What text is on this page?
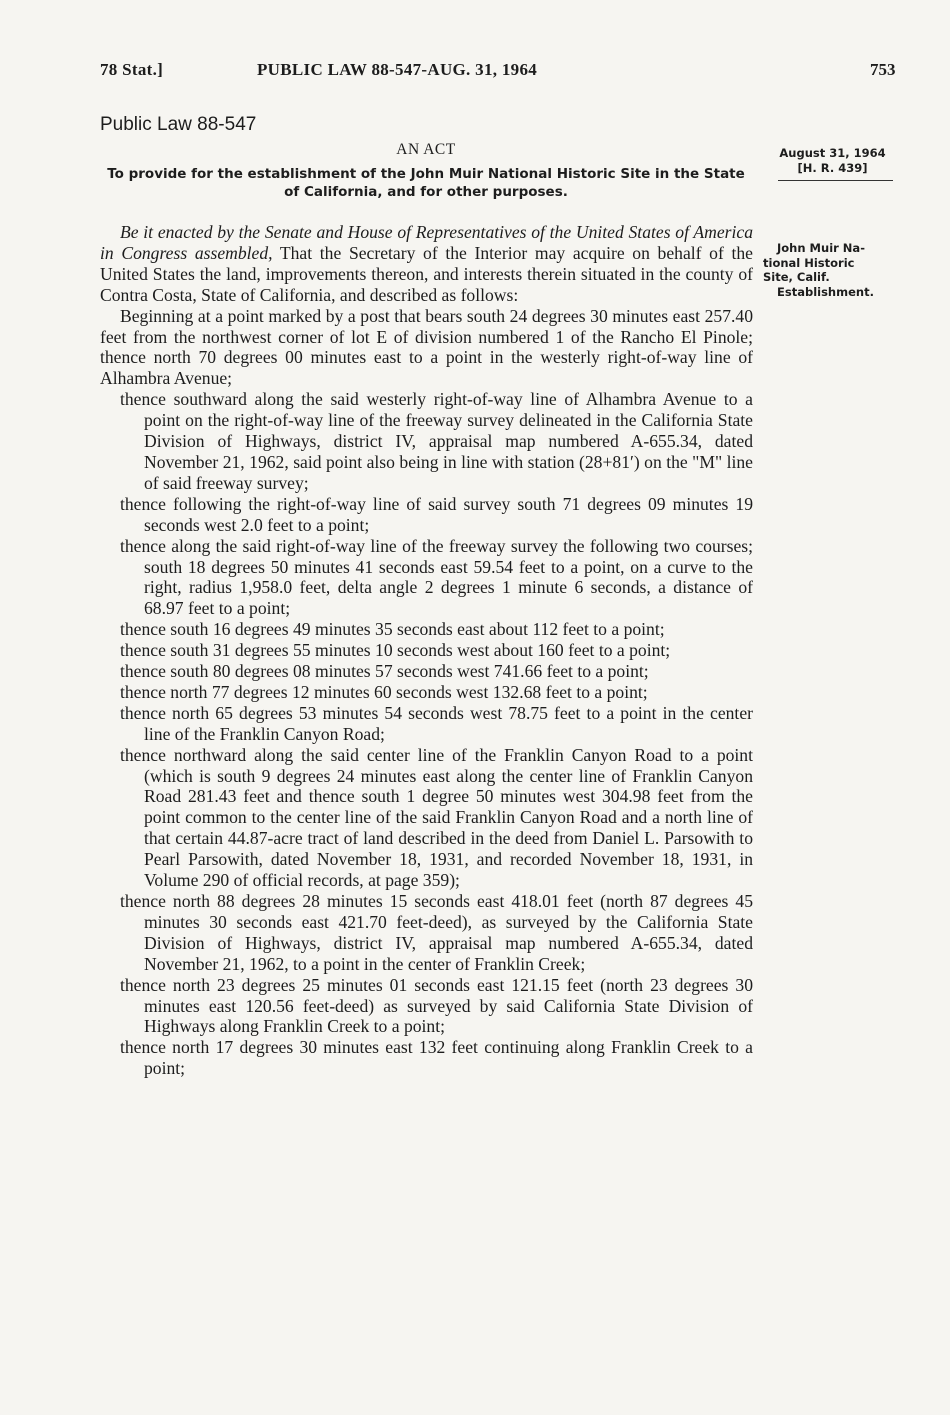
78 Stat.]	PUBLIC LAW 88-547-AUG. 31, 1964	753
Public Law 88-547
AN ACT
To provide for the establishment of the John Muir National Historic Site in the State of California, and for other purposes.
August 31, 1964
[H. R. 439]
John Muir Na-
tional Historic
Site, Calif.
Establishment.

Be it enacted by the Senate and House of Representatives of the United States of America in Congress assembled, That the Secretary of the Interior may acquire on behalf of the United States the land, improvements thereon, and interests therein situated in the county of Contra Costa, State of California, and described as follows:

Beginning at a point marked by a post that bears south 24 degrees 30 minutes east 257.40 feet from the northwest corner of lot E of division numbered 1 of the Rancho El Pinole; thence north 70 degrees 00 minutes east to a point in the westerly right-of-way line of Alhambra Avenue;

thence southward along the said westerly right-of-way line of Alhambra Avenue to a point on the right-of-way line of the freeway survey delineated in the California State Division of Highways, district IV, appraisal map numbered A-655.34, dated November 21, 1962, said point also being in line with station (28+81′) on the "M" line of said freeway survey;

thence following the right-of-way line of said survey south 71 degrees 09 minutes 19 seconds west 2.0 feet to a point;

thence along the said right-of-way line of the freeway survey the following two courses; south 18 degrees 50 minutes 41 seconds east 59.54 feet to a point, on a curve to the right, radius 1,958.0 feet, delta angle 2 degrees 1 minute 6 seconds, a distance of 68.97 feet to a point;

thence south 16 degrees 49 minutes 35 seconds east about 112 feet to a point;

thence south 31 degrees 55 minutes 10 seconds west about 160 feet to a point;

thence south 80 degrees 08 minutes 57 seconds west 741.66 feet to a point;

thence north 77 degrees 12 minutes 60 seconds west 132.68 feet to a point;

thence north 65 degrees 53 minutes 54 seconds west 78.75 feet to a point in the center line of the Franklin Canyon Road;

thence northward along the said center line of the Franklin Canyon Road to a point (which is south 9 degrees 24 minutes east along the center line of Franklin Canyon Road 281.43 feet and thence south 1 degree 50 minutes west 304.98 feet from the point common to the center line of the said Franklin Canyon Road and a north line of that certain 44.87-acre tract of land described in the deed from Daniel L. Parsowith to Pearl Parsowith, dated November 18, 1931, and recorded November 18, 1931, in Volume 290 of official records, at page 359);

thence north 88 degrees 28 minutes 15 seconds east 418.01 feet (north 87 degrees 45 minutes 30 seconds east 421.70 feet-deed), as surveyed by the California State Division of Highways, district IV, appraisal map numbered A-655.34, dated November 21, 1962, to a point in the center of Franklin Creek;

thence north 23 degrees 25 minutes 01 seconds east 121.15 feet (north 23 degrees 30 minutes east 120.56 feet-deed) as surveyed by said California State Division of Highways along Franklin Creek to a point;

thence north 17 degrees 30 minutes east 132 feet continuing along Franklin Creek to a point;
